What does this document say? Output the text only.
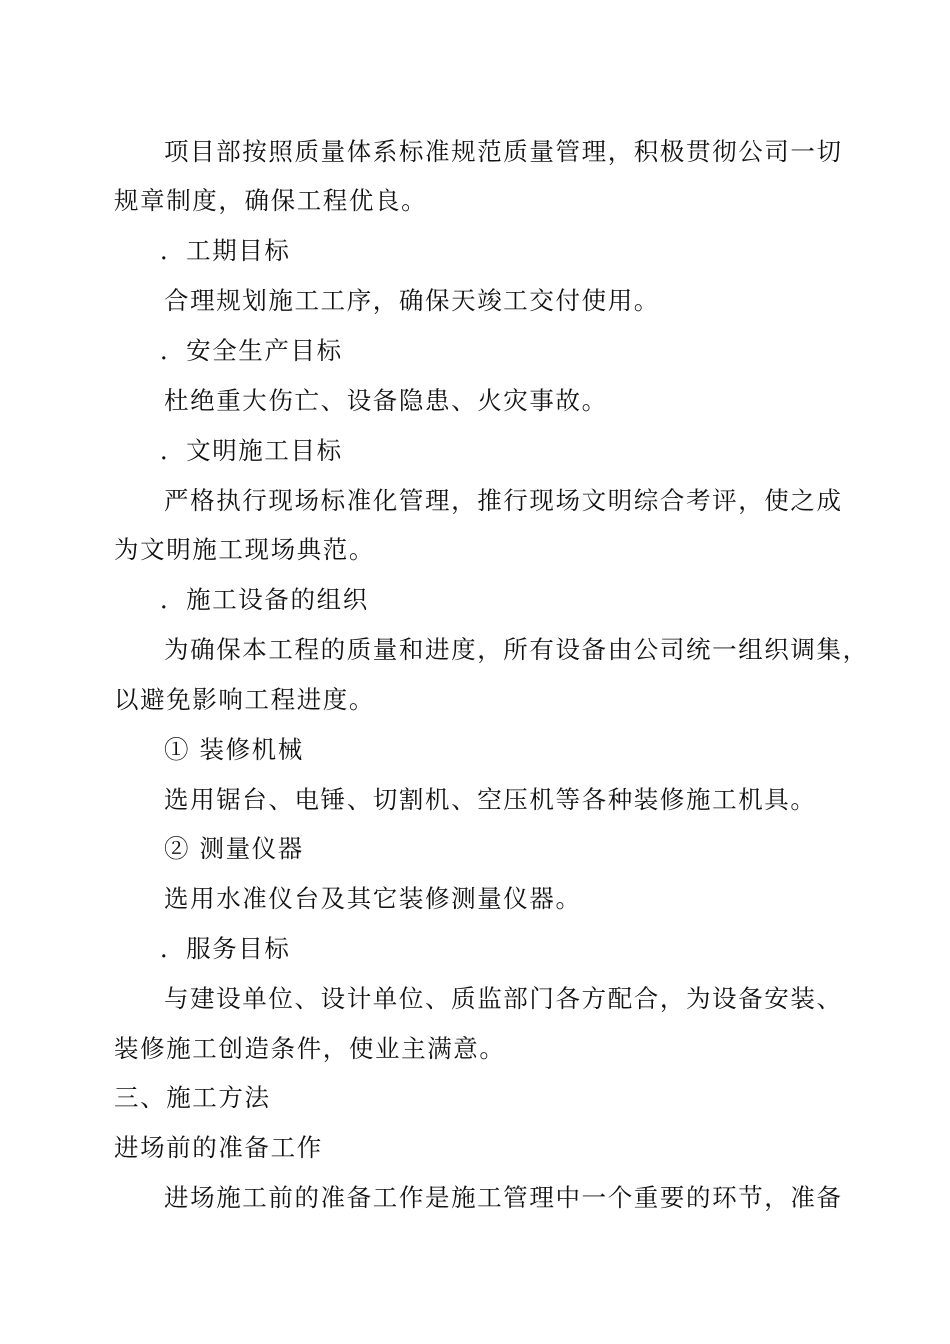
项目部按照质量体系标准规范质量管理，积极贯彻公司一切
规章制度，确保工程优良。
．工期目标
合理规划施工工序，确保天竣工交付使用。
．安全生产目标
杜绝重大伤亡、设备隐患、火灾事故。
．文明施工目标
严格执行现场标准化管理，推行现场文明综合考评，使之成
为文明施工现场典范。
．施工设备的组织
为确保本工程的质量和进度，所有设备由公司统一组织调集，
以避免影响工程进度。
① 装修机械
选用锯台、电锤、切割机、空压机等各种装修施工机具。
② 测量仪器
选用水准仪台及其它装修测量仪器。
．服务目标
与建设单位、设计单位、质监部门各方配合，为设备安装、
装修施工创造条件，使业主满意。
三、施工方法
进场前的准备工作
进场施工前的准备工作是施工管理中一个重要的环节，准备
